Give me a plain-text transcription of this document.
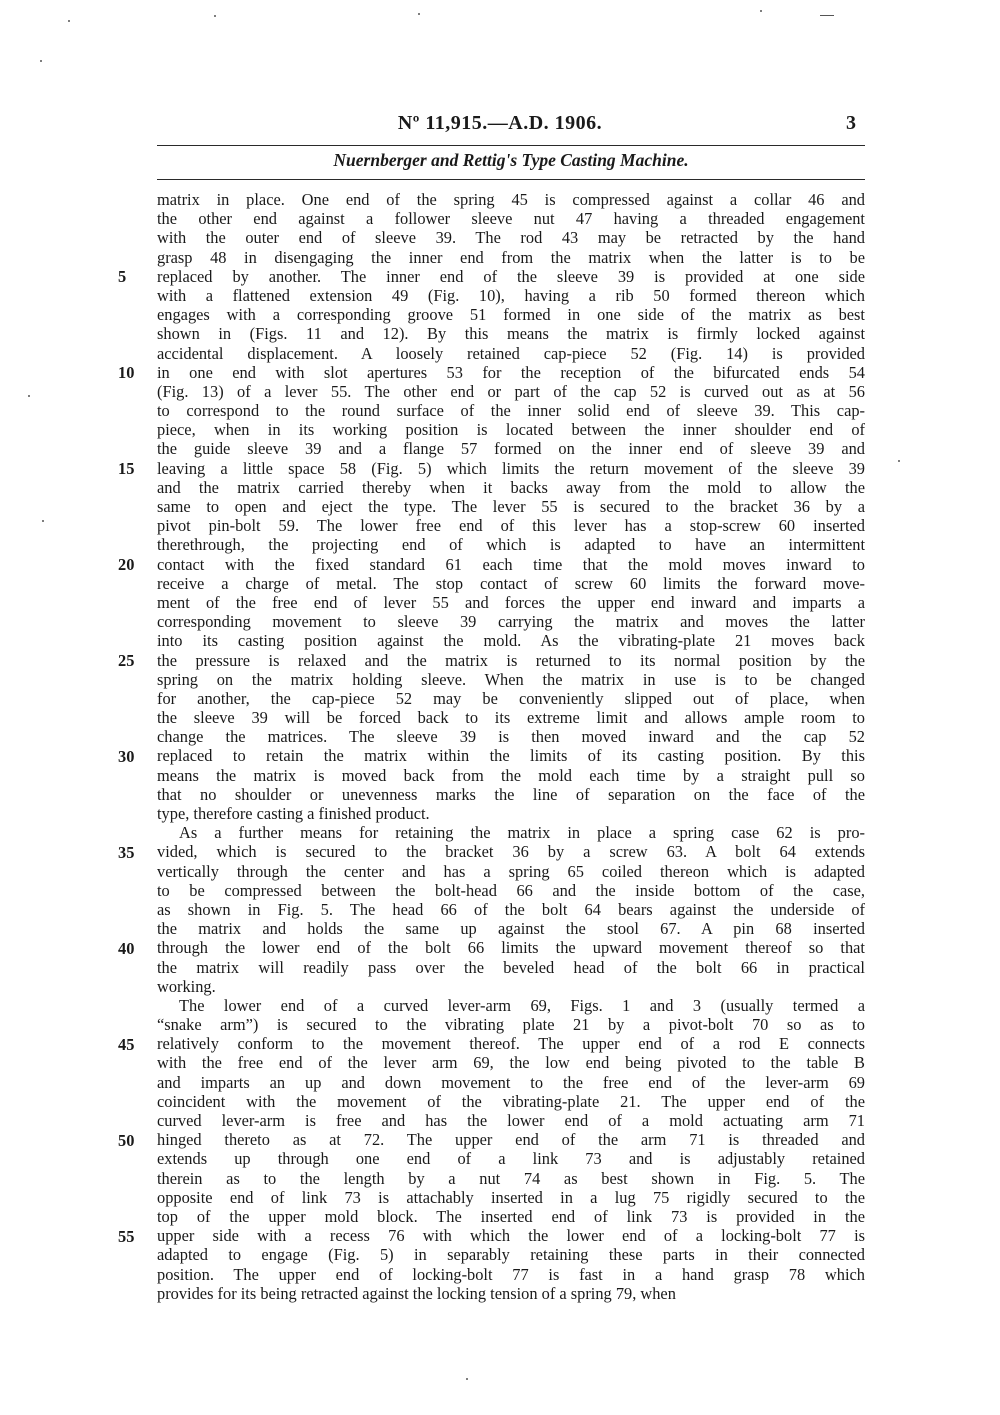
Nº 11,915.—A.D. 1906.	3
Nuernberger and Rettig's Type Casting Machine.
matrix in place. One end of the spring 45 is compressed against a collar 46 and
the other end against a follower sleeve nut 47 having a threaded engagement
with the outer end of sleeve 39. The rod 43 may be retracted by the hand
grasp 48 in disengaging the inner end from the matrix when the latter is to be
replaced by another. The inner end of the sleeve 39 is provided at one side
with a flattened extension 49 (Fig. 10), having a rib 50 formed thereon which
engages with a corresponding groove 51 formed in one side of the matrix as best
shown in (Figs. 11 and 12). By this means the matrix is firmly locked against
accidental displacement. A loosely retained cap-piece 52 (Fig. 14) is provided
in one end with slot apertures 53 for the reception of the bifurcated ends 54
(Fig. 13) of a lever 55. The other end or part of the cap 52 is curved out as at 56
to correspond to the round surface of the inner solid end of sleeve 39. This cap-
piece, when in its working position is located between the inner shoulder end of
the guide sleeve 39 and a flange 57 formed on the inner end of sleeve 39 and
leaving a little space 58 (Fig. 5) which limits the return movement of the sleeve 39
and the matrix carried thereby when it backs away from the mold to allow the
same to open and eject the type. The lever 55 is secured to the bracket 36 by a
pivot pin-bolt 59. The lower free end of this lever has a stop-screw 60 inserted
therethrough, the projecting end of which is adapted to have an intermittent
contact with the fixed standard 61 each time that the mold moves inward to
receive a charge of metal. The stop contact of screw 60 limits the forward move-
ment of the free end of lever 55 and forces the upper end inward and imparts a
corresponding movement to sleeve 39 carrying the matrix and moves the latter
into its casting position against the mold. As the vibrating-plate 21 moves back
the pressure is relaxed and the matrix is returned to its normal position by the
spring on the matrix holding sleeve. When the matrix in use is to be changed
for another, the cap-piece 52 may be conveniently slipped out of place, when
the sleeve 39 will be forced back to its extreme limit and allows ample room to
change the matrices. The sleeve 39 is then moved inward and the cap 52
replaced to retain the matrix within the limits of its casting position. By this
means the matrix is moved back from the mold each time by a straight pull so
that no shoulder or unevenness marks the line of separation on the face of the
type, therefore casting a finished product.
As a further means for retaining the matrix in place a spring case 62 is pro-
vided, which is secured to the bracket 36 by a screw 63. A bolt 64 extends
vertically through the center and has a spring 65 coiled thereon which is adapted
to be compressed between the bolt-head 66 and the inside bottom of the case,
as shown in Fig. 5. The head 66 of the bolt 64 bears against the underside of
the matrix and holds the same up against the stool 67. A pin 68 inserted
through the lower end of the bolt 66 limits the upward movement thereof so that
the matrix will readily pass over the beveled head of the bolt 66 in practical
working.
The lower end of a curved lever-arm 69, Figs. 1 and 3 (usually termed a
“snake arm”) is secured to the vibrating plate 21 by a pivot-bolt 70 so as to
relatively conform to the movement thereof. The upper end of a rod E connects
with the free end of the lever arm 69, the low end being pivoted to the table B
and imparts an up and down movement to the free end of the lever-arm 69
coincident with the movement of the vibrating-plate 21. The upper end of the
curved lever-arm is free and has the lower end of a mold actuating arm 71
hinged thereto as at 72. The upper end of the arm 71 is threaded and
extends up through one end of a link 73 and is adjustably retained
therein as to the length by a nut 74 as best shown in Fig. 5. The
opposite end of link 73 is attachably inserted in a lug 75 rigidly secured to the
top of the upper mold block. The inserted end of link 73 is provided in the
upper side with a recess 76 with which the lower end of a locking-bolt 77 is
adapted to engage (Fig. 5) in separably retaining these parts in their connected
position. The upper end of locking-bolt 77 is fast in a hand grasp 78 which
provides for its being retracted against the locking tension of a spring 79, when
5
10
15
20
25
30
35
40
45
50
55
